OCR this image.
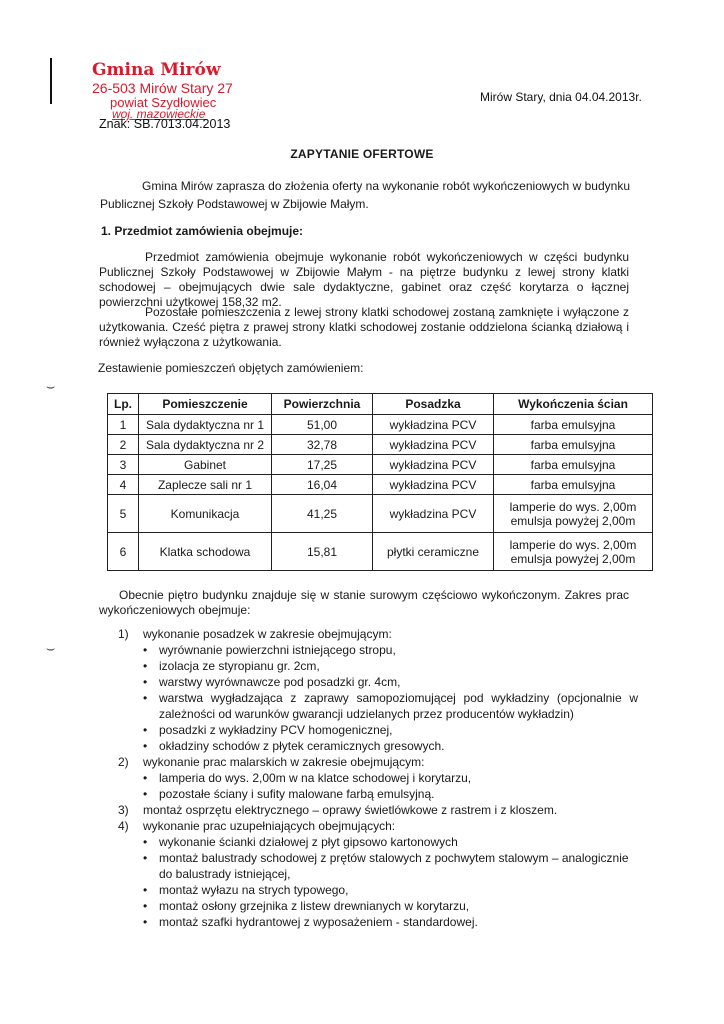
Gmina Mirów
26-503 Mirów Stary 27
powiat Szydłowiec
woj. mazowieckie
Znak: SB.7013.04.2013
Mirów Stary, dnia 04.04.2013r.
ZAPYTANIE OFERTOWE
Gmina Mirów zaprasza do złożenia oferty na wykonanie robót wykończeniowych w budynku Publicznej Szkoły Podstawowej w Zbijowie Małym.
1. Przedmiot zamówienia obejmuje:
Przedmiot zamówienia obejmuje wykonanie robót wykończeniowych w części budynku Publicznej Szkoły Podstawowej w Zbijowie Małym - na piętrze budynku z lewej strony klatki schodowej – obejmujących dwie sale dydaktyczne, gabinet oraz część korytarza o łącznej powierzchni użytkowej 158,32 m2.
Pozostałe pomieszczenia z lewej strony klatki schodowej zostaną zamknięte i wyłączone z użytkowania. Cześć piętra z prawej strony klatki schodowej zostanie oddzielona ścianką działową i również wyłączona z użytkowania.
Zestawienie pomieszczeń objętych zamówieniem:
⌣
⌣
Lp.	Pomieszczenie	Powierzchnia	Posadzka	Wykończenia ścian
1	Sala dydaktyczna nr 1	51,00	wykładzina PCV	farba emulsyjna
2	Sala dydaktyczna nr 2	32,78	wykładzina PCV	farba emulsyjna
3	Gabinet	17,25	wykładzina PCV	farba emulsyjna
4	Zaplecze sali nr 1	16,04	wykładzina PCV	farba emulsyjna
5	Komunikacja	41,25	wykładzina PCV	lamperie do wys. 2,00m
emulsja powyżej 2,00m

6	Klatka schodowa	15,81	płytki ceramiczne	lamperie do wys. 2,00m
emulsja powyżej 2,00m
Obecnie piętro budynku znajduje się w stanie surowym częściowo wykończonym. Zakres prac wykończeniowych obejmuje:
1)	wykonanie posadzek w zakresie obejmującym:
• wyrównanie powierzchni istniejącego stropu,
• izolacja ze styropianu gr. 2cm,
• warstwy wyrównawcze pod posadzki gr. 4cm,
• warstwa wygładzająca z zaprawy samopoziomującej pod wykładziny (opcjonalnie w zależności od warunków gwarancji udzielanych przez producentów wykładzin)
• posadzki z wykładziny PCV homogenicznej,
• okładziny schodów z płytek ceramicznych gresowych.
2)	wykonanie prac malarskich w zakresie obejmującym:
• lamperia do wys. 2,00m w na klatce schodowej i korytarzu,
• pozostałe ściany i sufity malowane farbą emulsyjną.
3)	montaż osprzętu elektrycznego – oprawy świetlówkowe z rastrem i z kloszem.
4)	wykonanie prac uzupełniających obejmujących:
• wykonanie ścianki działowej z płyt gipsowo kartonowych
• montaż balustrady schodowej z prętów stalowych z pochwytem stalowym – analogicznie do balustrady istniejącej,
• montaż wyłazu na strych typowego,
• montaż osłony grzejnika z listew drewnianych w korytarzu,
• montaż szafki hydrantowej z wyposażeniem - standardowej.
